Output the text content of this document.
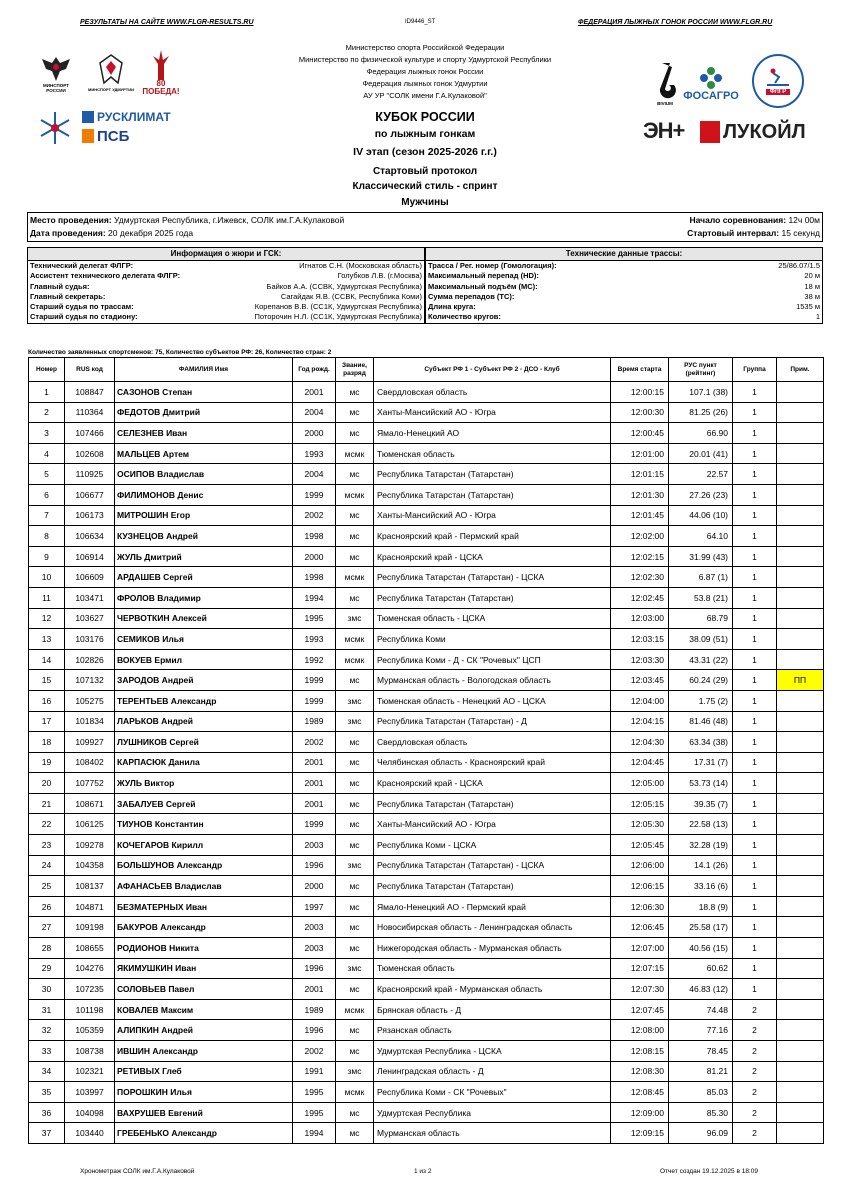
РЕЗУЛЬТАТЫ НА САЙТЕ WWW.FLGR-RESULTS.RU	ID9446_ST	ФЕДЕРАЦИЯ ЛЫЖНЫХ ГОНОК РОССИИ WWW.FLGR.RU
МИНСПОРТ РОССИИ	МИНСПОРТ УДМУРТИИ
80 ПОБЕДА!
РУСКЛИМАТ
ПСБ
Министерство спорта Российской Федерации
Министерство по физической культуре и спорту Удмуртской Республики
Федерация лыжных гонок России
Федерация лыжных гонок Удмуртии
АУ УР "СОЛК имени Г.А.Кулаковой"
КУБОК РОССИИ
по лыжным гонкам
IV этап (сезон 2025-2026 г.г.)
Стартовый протокол
Классический стиль - спринт
Мужчины
BIVIUM
ФОСАГРО	ФЛГР
ЭН+	ЛУКОЙЛ
Место проведения: Удмуртская Республика, г.Ижевск, СОЛК им.Г.А.Кулаковой	Начало соревнования: 12ч 00м
Дата проведения: 20 декабря 2025 года	Стартовый интервал: 15 секунд
Информация о жюри и ГСК:
Технический делегат ФЛГР:	Игнатов С.Н. (Московская область)
Ассистент технического делегата ФЛГР:	Голубков Л.В. (г.Москва)
Главный судья:	Байков А.А. (ССВК, Удмуртская Республика)
Главный секретарь:	Сагайдак Я.В. (ССВК, Республика Коми)
Старший судья по трассам:	Корепанов В.В. (СС1К, Удмуртская Республика)
Старший судья по стадиону:	Поторочин Н.Л. (СС1К, Удмуртская Республика)
Технические данные трассы:
Трасса / Рег. номер (Гомологация):	25/86.07/1.5
Максимальный перепад (HD):	20 м
Максимальный подъём (MC):	18 м
Сумма перепадов (TC):	38 м
Длина круга:	1535 м
Количество кругов:	1
Количество заявленных спортсменов: 75, Количество субъектов РФ: 26, Количество стран: 2
Номер	RUS код	ФАМИЛИЯ Имя	Год рожд.	Звание, разряд	Субъект РФ 1 - Субъект РФ 2 - ДСО - Клуб	Время старта	РУС пункт (рейтинг)	Группа	Прим.
1	108847	САЗОНОВ Степан	2001	мс	Свердловская область	12:00:15	107.1 (38)	1	
2	110364	ФЕДОТОВ Дмитрий	2004	мс	Ханты-Мансийский АО - Югра	12:00:30	81.25 (26)	1	
3	107466	СЕЛЕЗНЕВ Иван	2000	мс	Ямало-Ненецкий АО	12:00:45	66.90	1	
4	102608	МАЛЬЦЕВ Артем	1993	мсмк	Тюменская область	12:01:00	20.01 (41)	1	
5	110925	ОСИПОВ Владислав	2004	мс	Республика Татарстан (Татарстан)	12:01:15	22.57	1	
6	106677	ФИЛИМОНОВ Денис	1999	мсмк	Республика Татарстан (Татарстан)	12:01:30	27.26 (23)	1	
7	106173	МИТРОШИН Егор	2002	мс	Ханты-Мансийский АО - Югра	12:01:45	44.06 (10)	1	
8	106634	КУЗНЕЦОВ Андрей	1998	мс	Красноярский край - Пермский край	12:02:00	64.10	1	
9	106914	ЖУЛЬ Дмитрий	2000	мс	Красноярский край - ЦСКА	12:02:15	31.99 (43)	1	
10	106609	АРДАШЕВ Сергей	1998	мсмк	Республика Татарстан (Татарстан) - ЦСКА	12:02:30	6.87 (1)	1	
11	103471	ФРОЛОВ Владимир	1994	мс	Республика Татарстан (Татарстан)	12:02:45	53.8 (21)	1	
12	103627	ЧЕРВОТКИН Алексей	1995	змс	Тюменская область - ЦСКА	12:03:00	68.79	1	
13	103176	СЕМИКОВ Илья	1993	мсмк	Республика Коми	12:03:15	38.09 (51)	1	
14	102826	ВОКУЕВ Ермил	1992	мсмк	Республика Коми - Д - СК "Рочевых" ЦСП	12:03:30	43.31 (22)	1	
15	107132	ЗАРОДОВ Андрей	1999	мс	Мурманская область - Вологодская область	12:03:45	60.24 (29)	1	ПП
16	105275	ТЕРЕНТЬЕВ Александр	1999	змс	Тюменская область - Ненецкий АО - ЦСКА	12:04:00	1.75 (2)	1	
17	101834	ЛАРЬКОВ Андрей	1989	змс	Республика Татарстан (Татарстан) - Д	12:04:15	81.46 (48)	1	
18	109927	ЛУШНИКОВ Сергей	2002	мс	Свердловская область	12:04:30	63.34 (38)	1	
19	108402	КАРПАСЮК Данила	2001	мс	Челябинская область - Красноярский край	12:04:45	17.31 (7)	1	
20	107752	ЖУЛЬ Виктор	2001	мс	Красноярский край - ЦСКА	12:05:00	53.73 (14)	1	
21	108671	ЗАБАЛУЕВ Сергей	2001	мс	Республика Татарстан (Татарстан)	12:05:15	39.35 (7)	1	
22	106125	ТИУНОВ Константин	1999	мс	Ханты-Мансийский АО - Югра	12:05:30	22.58 (13)	1	
23	109278	КОЧЕГАРОВ Кирилл	2003	мс	Республика Коми - ЦСКА	12:05:45	32.28 (19)	1	
24	104358	БОЛЬШУНОВ Александр	1996	змс	Республика Татарстан (Татарстан) - ЦСКА	12:06:00	14.1 (26)	1	
25	108137	АФАНАСЬЕВ Владислав	2000	мс	Республика Татарстан (Татарстан)	12:06:15	33.16 (6)	1	
26	104871	БЕЗМАТЕРНЫХ Иван	1997	мс	Ямало-Ненецкий АО - Пермский край	12:06:30	18.8 (9)	1	
27	109198	БАКУРОВ Александр	2003	мс	Новосибирская область - Ленинградская область	12:06:45	25.58 (17)	1	
28	108655	РОДИОНОВ Никита	2003	мс	Нижегородская область - Мурманская область	12:07:00	40.56 (15)	1	
29	104276	ЯКИМУШКИН Иван	1996	змс	Тюменская область	12:07:15	60.62	1	
30	107235	СОЛОВЬЕВ Павел	2001	мс	Красноярский край - Мурманская область	12:07:30	46.83 (12)	1	
31	101198	КОВАЛЕВ Максим	1989	мсмк	Брянская область - Д	12:07:45	74.48	2	
32	105359	АЛИПКИН Андрей	1996	мс	Рязанская область	12:08:00	77.16	2	
33	108738	ИВШИН Александр	2002	мс	Удмуртская Республика - ЦСКА	12:08:15	78.45	2	
34	102321	РЕТИВЫХ Глеб	1991	змс	Ленинградская область - Д	12:08:30	81.21	2	
35	103997	ПОРОШКИН Илья	1995	мсмк	Республика Коми - СК "Рочевых"	12:08:45	85.03	2	
36	104098	ВАХРУШЕВ Евгений	1995	мс	Удмуртская Республика	12:09:00	85.30	2	
37	103440	ГРЕБЕНЬКО Александр	1994	мс	Мурманская область	12:09:15	96.09	2	
Хронометраж СОЛК им.Г.А.Кулаковой	1 из 2	Отчет создан 19.12.2025 в 18:09
